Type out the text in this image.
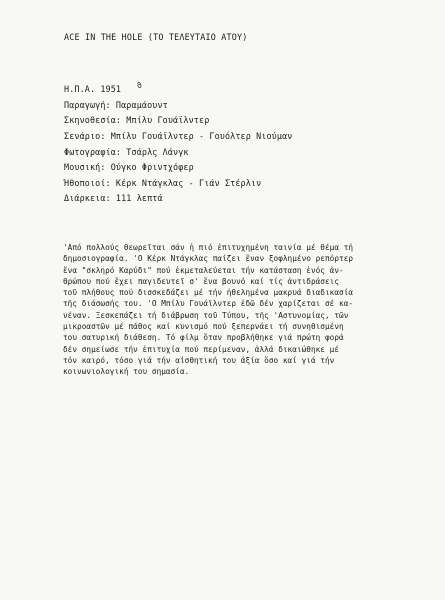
ACE IN THE HOLE (ΤΟ ΤΕΛΕΥΤΑΙΟ ΑΤΟΥ)
Η.Π.Α. 1951 ϑ
Παραγωγή: Παραμάουντ
Σκηνοθεσία: Μπίλυ Γουάϊλντερ
Σενάριο: Μπίλυ Γουάϊλντερ - Γουόλτερ Νιούμαν
Φωτογραφία: Τσάρλς Λάνγκ
Μουσική: Ούγκο Φριντχόφερ
Ήθοποιοί: Κέρκ Ντάγκλας - Γιάν Στέρλιν
Διάρκεια: 111 λεπτά
'Από πολλούς θεωρεῖται σάν ἡ πιό ἐπιτυχημένη ταινία μέ θέμα τή
δημοσιογραφία. 'Ο Κέρκ Ντάγκλας παίζει ἕναν ξοφλημένο ρεπόρτερ
ἕνα "σκληρό Καρύδι" πού ἐκμεταλεύεται τήν κατάσταση ἑνός ἀν-
θρώπου πού ἔχει παγιδευτεῖ σ' ἕνα βουνό καί τίς ἀντιδράσεις
τοῦ πλήθους πού δισσκεδάζει μέ τήν ἠθελημένα μακρυά διαδικασία
τῆς διάσωσής του. 'Ο Μπίλυ Γουάϊλντερ ἐδῶ δέν χαρίζεται σέ κα-
νέναν. Ξεσκεπάζει τή διάβρωση τοῦ Τύπου, τῆς 'Αστυνομίας, τῶν
μικροαστῶν μέ πάθος καί κυνισμό πού ξεπερνάει τή συνηθισμένη
του σατυρική διάθεση. Τό φίλμ ὅταν προβλήθηκε γιά πρώτη φορά
δέν σημείωσε τήν ἐπιτυχία πού περίμεναν, ἀλλά δικαιώθηκε μέ
τόν καιρό, τόσο γιά τήν αἰσθητική του ἀξία ὅσο καί γιά τήν
κοινωνιολογική του σημασία.
